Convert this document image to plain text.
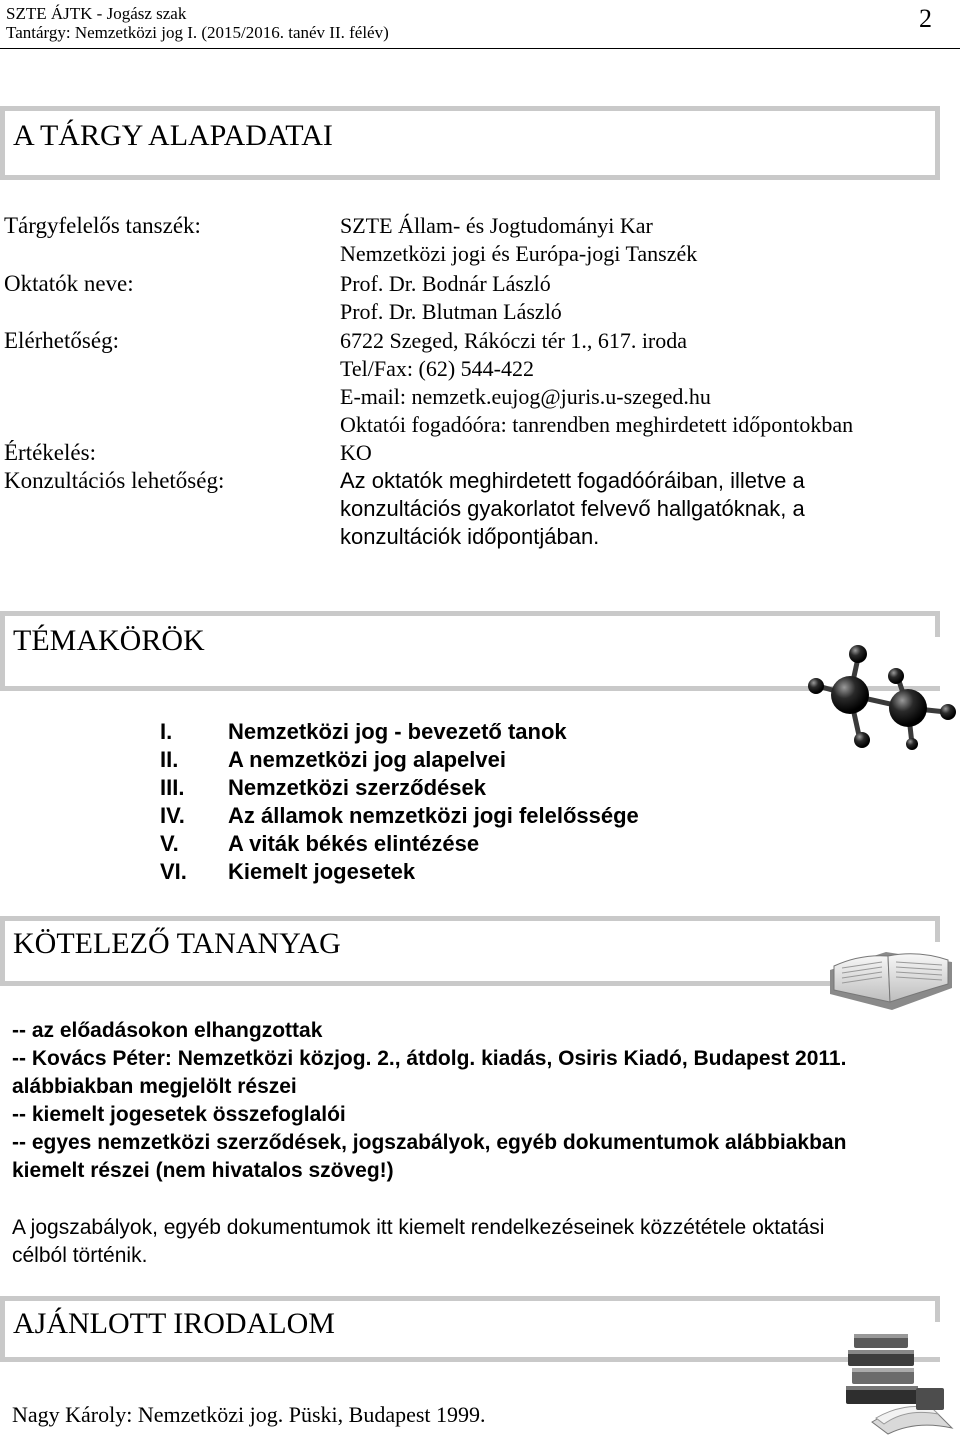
SZTE ÁJTK - Jogász szak
Tantárgy: Nemzetközi jog I. (2015/2016. tanév II. félév)	2
A TÁRGY ALAPADATAI
Tárgyfelelős tanszék:
Oktatók neve:
Elérhetőség:
Értékelés:
Konzultációs lehetőség:
SZTE Állam- és Jogtudományi Kar
Nemzetközi jogi és Európa-jogi Tanszék
Prof. Dr. Bodnár László
Prof. Dr. Blutman László
6722 Szeged, Rákóczi tér 1., 617. iroda
Tel/Fax: (62) 544-422
E-mail: nemzetk.eujog@juris.u-szeged.hu
Oktatói fogadóóra: tanrendben meghirdetett időpontokban
KO
Az oktatók meghirdetett fogadóóráiban, illetve a
konzultációs gyakorlatot felvevő hallgatóknak, a
konzultációk időpontjában.
TÉMAKÖRÖK
I.	Nemzetközi jog - bevezető tanok
II. A nemzetközi jog alapelvei
III. Nemzetközi szerződések
IV. Az államok nemzetközi jogi felelőssége
V. A viták békés elintézése
VI. Kiemelt jogesetek
KÖTELEZŐ TANANYAG
-- az előadásokon elhangzottak
-- Kovács Péter: Nemzetközi közjog. 2., átdolg. kiadás, Osiris Kiadó, Budapest 2011.
alábbiakban megjelölt részei
-- kiemelt jogesetek összefoglalói
-- egyes nemzetközi szerződések, jogszabályok, egyéb dokumentumok alábbiakban
kiemelt részei (nem hivatalos szöveg!)
A jogszabályok, egyéb dokumentumok itt kiemelt rendelkezéseinek közzététele oktatási
célból történik.
AJÁNLOTT IRODALOM
Nagy Károly: Nemzetközi jog. Püski, Budapest 1999.
